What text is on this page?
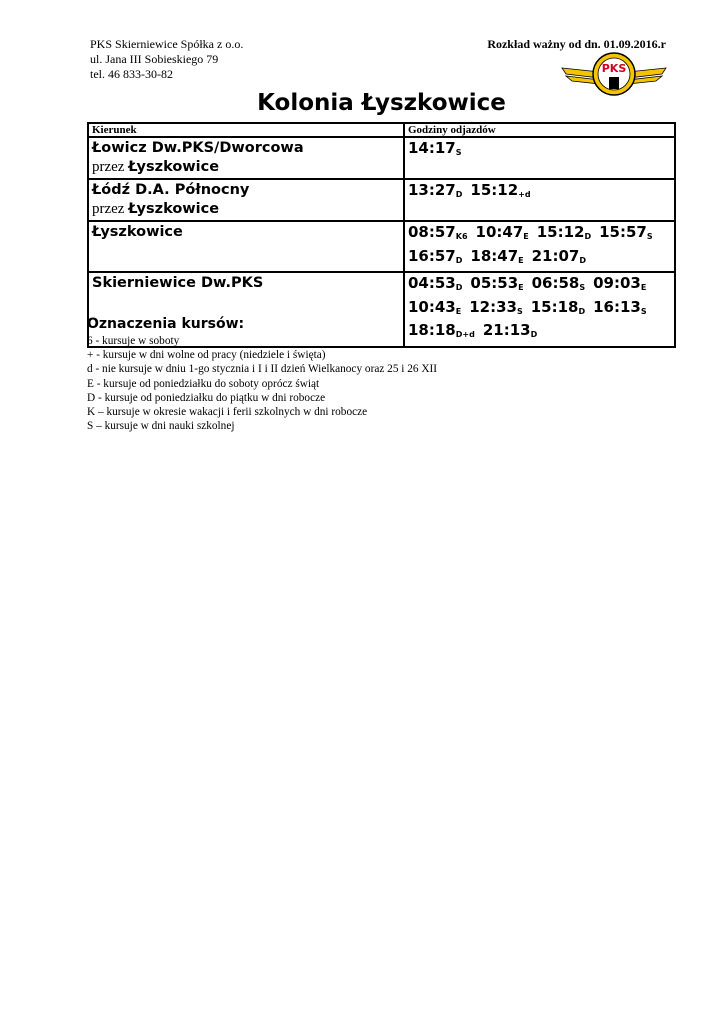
PKS Skierniewice Spółka z o.o.
ul. Jana III Sobieskiego 79
tel. 46 833-30-82
Rozkład ważny od dn. 01.09.2016.r
PKS
Kolonia Łyszkowice
Kierunek	Godziny odjazdów

Łowicz Dw.PKS/Dworcowa
przez Łyszkowice	$14:17_S$

Łódź D.A. Północny
przez Łyszkowice	$13:27_D$ $15:12_{+d}$

Łyszkowice	$08:57_{K6}$ $10:47_E$ $15:12_D$ $15:57_S$
$16:57_D$ $18:47_E$ $21:07_D$

Skierniewice Dw.PKS	$04:53_D$ $05:53_E$ $06:58_S$ $09:03_E$
$10:43_E$ $12:33_S$ $15:18_D$ $16:13_S$
$18:18_{D+d}$ $21:13_D$
Oznaczenia kursów:
6 - kursuje w soboty
+ - kursuje w dni wolne od pracy (niedziele i święta)
d - nie kursuje w dniu 1-go stycznia i I i II dzień Wielkanocy oraz 25 i 26 XII
E - kursuje od poniedziałku do soboty oprócz świąt
D - kursuje od poniedziałku do piątku w dni robocze
K – kursuje w okresie wakacji i ferii szkolnych w dni robocze
S – kursuje w dni nauki szkolnej
